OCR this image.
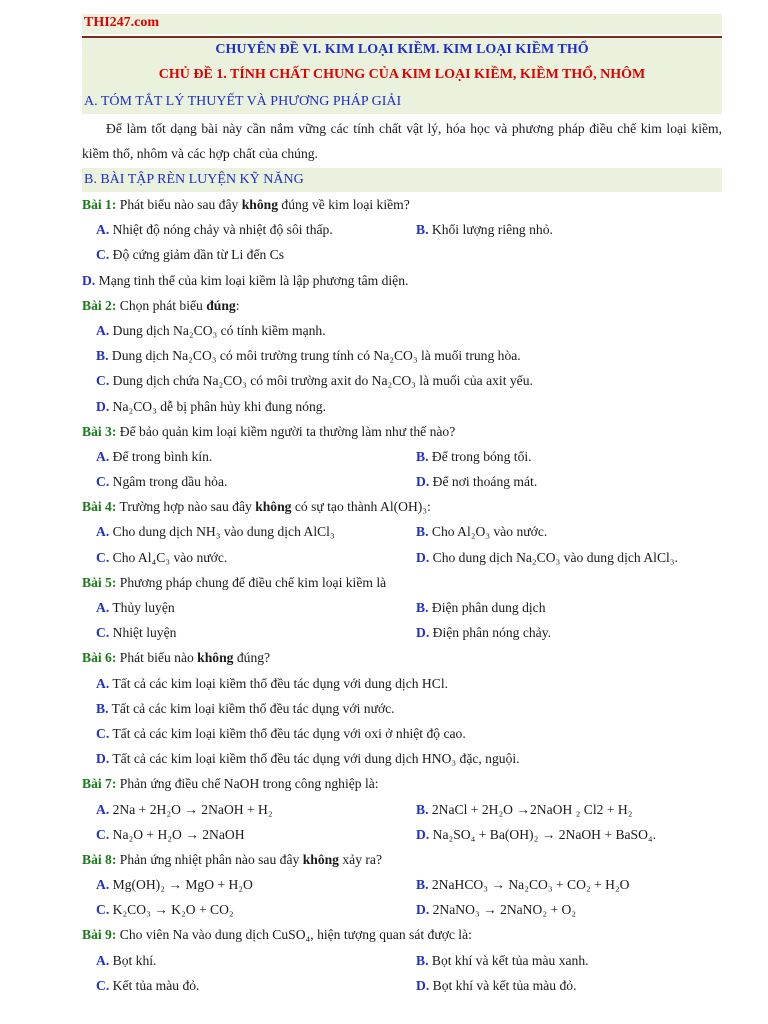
THI247.com
CHUYÊN ĐỀ VI. KIM LOẠI KIỀM. KIM LOẠI KIỀM THỔ
CHỦ ĐỀ 1. TÍNH CHẤT CHUNG CỦA KIM LOẠI KIỀM, KIỀM THỔ, NHÔM
A. TÓM TẮT LÝ THUYẾT VÀ PHƯƠNG PHÁP GIẢI

Để làm tốt dạng bài này cần nắm vững các tính chất vật lý, hóa học và phương pháp điều chế kim loại kiềm, kiềm thổ, nhôm và các hợp chất của chúng.

B. BÀI TẬP RÈN LUYỆN KỸ NĂNG
Bài 1: Phát biểu nào sau đây không đúng về kim loại kiềm?
A. Nhiệt độ nóng chảy và nhiệt độ sôi thấp.	B. Khối lượng riêng nhỏ.
C. Độ cứng giảm dần từ Li đến Cs
D. Mạng tinh thể của kim loại kiềm là lập phương tâm diện.
Bài 2: Chọn phát biểu đúng:
A. Dung dịch Na₂CO₃ có tính kiềm mạnh.
B. Dung dịch Na₂CO₃ có môi trường trung tính có Na₂CO₃ là muối trung hòa.
C. Dung dịch chứa Na₂CO₃ có môi trường axit do Na₂CO₃ là muối của axit yếu.
D. Na₂CO₃ dễ bị phân hủy khi đung nóng.
Bài 3: Để bảo quản kim loại kiềm người ta thường làm như thế nào?
A. Để trong bình kín.	B. Để trong bóng tối.
C. Ngâm trong dầu hỏa.	D. Để nơi thoáng mát.
Bài 4: Trường hợp nào sau đây không có sự tạo thành Al(OH)₃:
A. Cho dung dịch NH₃ vào dung dịch AlCl₃	B. Cho Al₂O₃ vào nước.
C. Cho Al₄C₃ vào nước.	D. Cho dung dịch Na₂CO₃ vào dung dịch AlCl₃.
Bài 5: Phương pháp chung để điều chế kim loại kiềm là
A. Thủy luyện	B. Điện phân dung dịch
C. Nhiệt luyện	D. Điện phân nóng chảy.
Bài 6: Phát biểu nào không đúng?
A. Tất cả các kim loại kiềm thổ đều tác dụng với dung dịch HCl.
B. Tất cả các kim loại kiềm thổ đều tác dụng với nước.
C. Tất cả các kim loại kiềm thổ đều tác dụng với oxi ở nhiệt độ cao.
D. Tất cả các kim loại kiềm thổ đều tác dụng với dung dịch HNO₃ đặc, nguội.
Bài 7: Phản ứng điều chế NaOH trong công nghiệp là:
A. 2Na + 2H₂O → 2NaOH + H₂	B. 2NaCl + 2H₂O →2NaOH ₂ Cl2 + H₂
C. Na₂O + H₂O → 2NaOH	D. Na₂SO₄ + Ba(OH)₂ → 2NaOH + BaSO₄.
Bài 8: Phản ứng nhiệt phân nào sau đây không xảy ra?
A. Mg(OH)₂ → MgO + H₂O	B. 2NaHCO₃ → Na₂CO₃ + CO₂ + H₂O
C. K₂CO₃ → K₂O + CO₂	D. 2NaNO₃ → 2NaNO₂ + O₂
Bài 9: Cho viên Na vào dung dịch CuSO₄, hiện tượng quan sát được là:
A. Bọt khí.	B. Bọt khí và kết tủa màu xanh.
C. Kết tủa màu đỏ.	D. Bọt khí và kết tủa màu đỏ.
